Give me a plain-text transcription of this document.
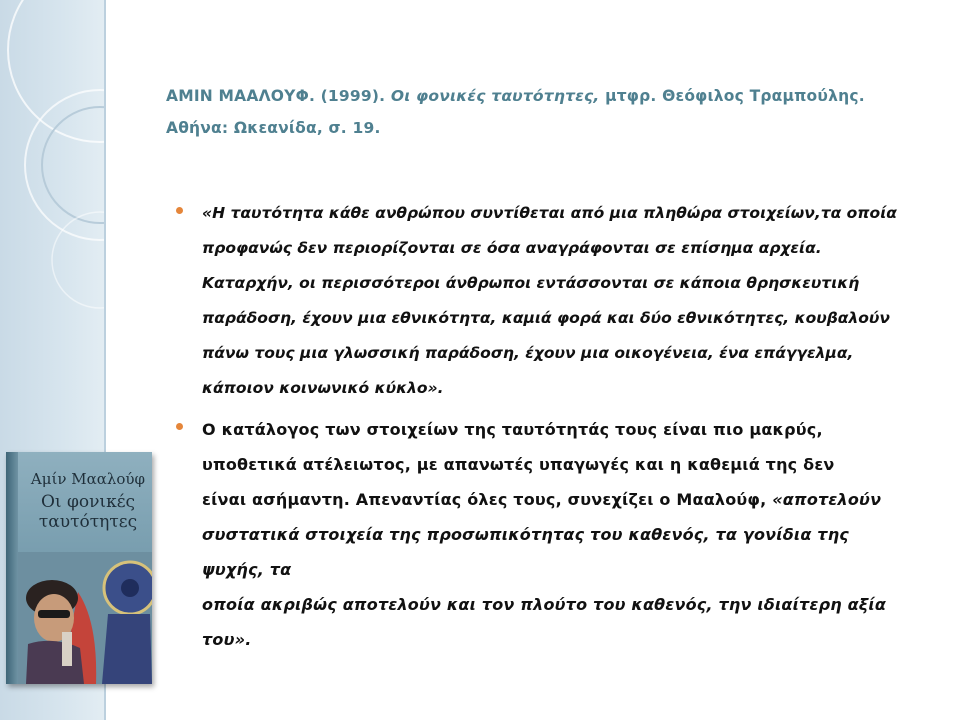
ΑΜΙΝ ΜΑΑΛΟΥΦ. (1999). Οι φονικές ταυτότητες, μτφρ. Θεόφιλος Τραμπούλης.
Αθήνα: Ωκεανίδα, σ. 19.
«Η ταυτότητα κάθε ανθρώπου συντίθεται από μια πληθώρα στοιχείων,τα οποία
προφανώς δεν περιορίζονται σε όσα αναγράφονται σε επίσημα αρχεία.
Καταρχήν, οι περισσότεροι άνθρωποι εντάσσονται σε κάποια θρησκευτική
παράδοση, έχουν μια εθνικότητα, καμιά φορά και δύο εθνικότητες, κουβαλούν
πάνω τους μια γλωσσική παράδοση, έχουν μια οικογένεια, ένα επάγγελμα,
κάποιον κοινωνικό κύκλο».
Ο κατάλογος των στοιχείων της ταυτότητάς τους είναι πιο μακρύς,
υποθετικά ατέλειωτος, με απανωτές υπαγωγές και η καθεμιά της δεν
είναι ασήμαντη. Απεναντίας όλες τους, συνεχίζει ο Μααλούφ, «αποτελούν
συστατικά στοιχεία της προσωπικότητας του καθενός, τα γονίδια της ψυχής, τα
οποία ακριβώς αποτελούν και τον πλούτο του καθενός, την ιδιαίτερη αξία του».
Αμίν Μααλούφ
Οι φονικές
ταυτότητες
